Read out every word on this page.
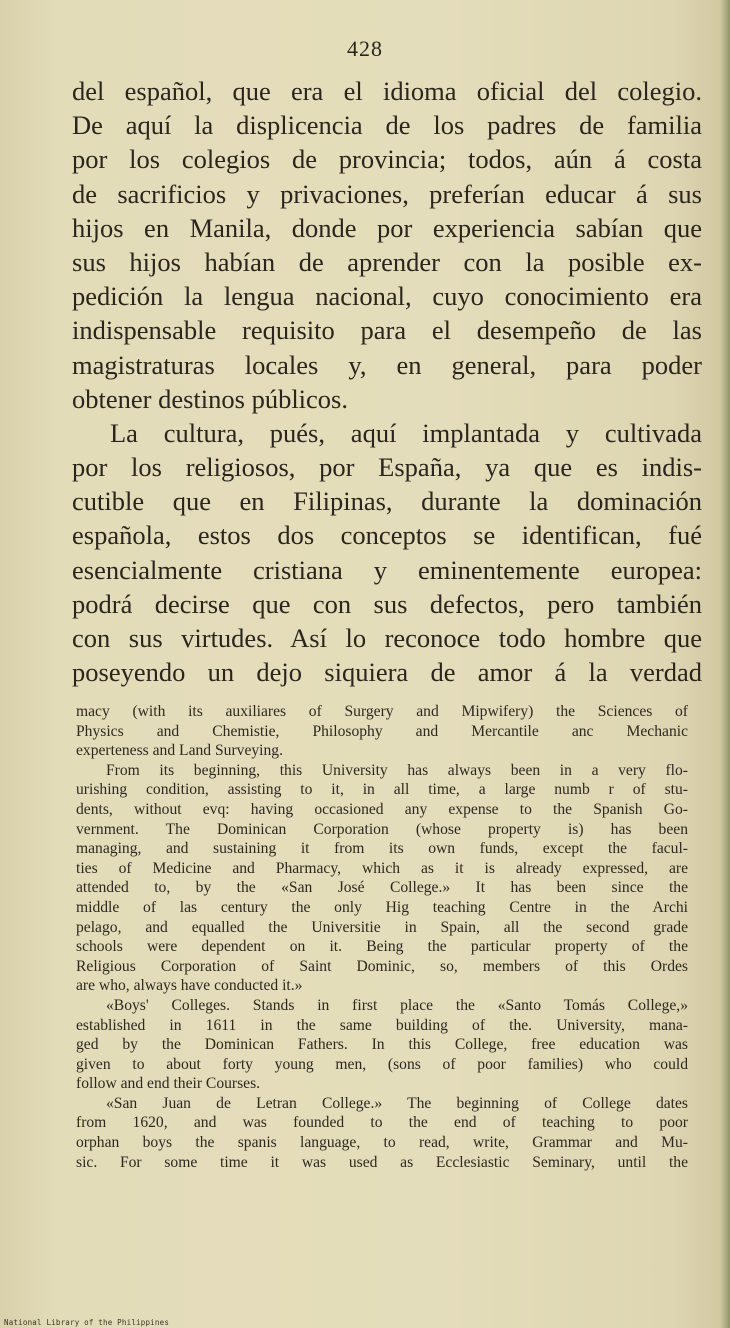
428
del español, que era el idioma oficial del colegio.
De aquí la displicencia de los padres de familia
por los colegios de provincia; todos, aún á costa
de sacrificios y privaciones, preferían educar á sus
hijos en Manila, donde por experiencia sabían que
sus hijos habían de aprender con la posible ex-
pedición la lengua nacional, cuyo conocimiento era
indispensable requisito para el desempeño de las
magistraturas locales y, en general, para poder
obtener destinos públicos.
La cultura, pués, aquí implantada y cultivada
por los religiosos, por España, ya que es indis-
cutible que en Filipinas, durante la dominación
española, estos dos conceptos se identifican, fué
esencialmente cristiana y eminentemente europea:
podrá decirse que con sus defectos, pero también
con sus virtudes. Así lo reconoce todo hombre que
poseyendo un dejo siquiera de amor á la verdad
macy (with its auxiliares of Surgery and Mipwifery) the Sciences of
Physics and Chemistie, Philosophy and Mercantile anc Mechanic
experteness and Land Surveying.
From its beginning, this University has always been in a very flo-
urishing condition, assisting to it, in all time, a large numb r of stu-
dents, without evq: having occasioned any expense to the Spanish Go-
vernment. The Dominican Corporation (whose property is) has been
managing, and sustaining it from its own funds, except the facul-
ties of Medicine and Pharmacy, which as it is already expressed, are
attended to, by the «San José College.» It has been since the
middle of las century the only Hig teaching Centre in the Archi
pelago, and equalled the Universitie in Spain, all the second grade
schools were dependent on it. Being the particular property of the
Religious Corporation of Saint Dominic, so, members of this Ordes
are who, always have conducted it.»
«Boys' Colleges. Stands in first place the «Santo Tomás College,»
established in 1611 in the same building of the. University, mana-
ged by the Dominican Fathers. In this College, free education was
given to about forty young men, (sons of poor families) who could
follow and end their Courses.
«San Juan de Letran College.» The beginning of College dates
from 1620, and was founded to the end of teaching to poor
orphan boys the spanis language, to read, write, Grammar and Mu-
sic. For some time it was used as Ecclesiastic Seminary, until the
National Library of the Philippines
